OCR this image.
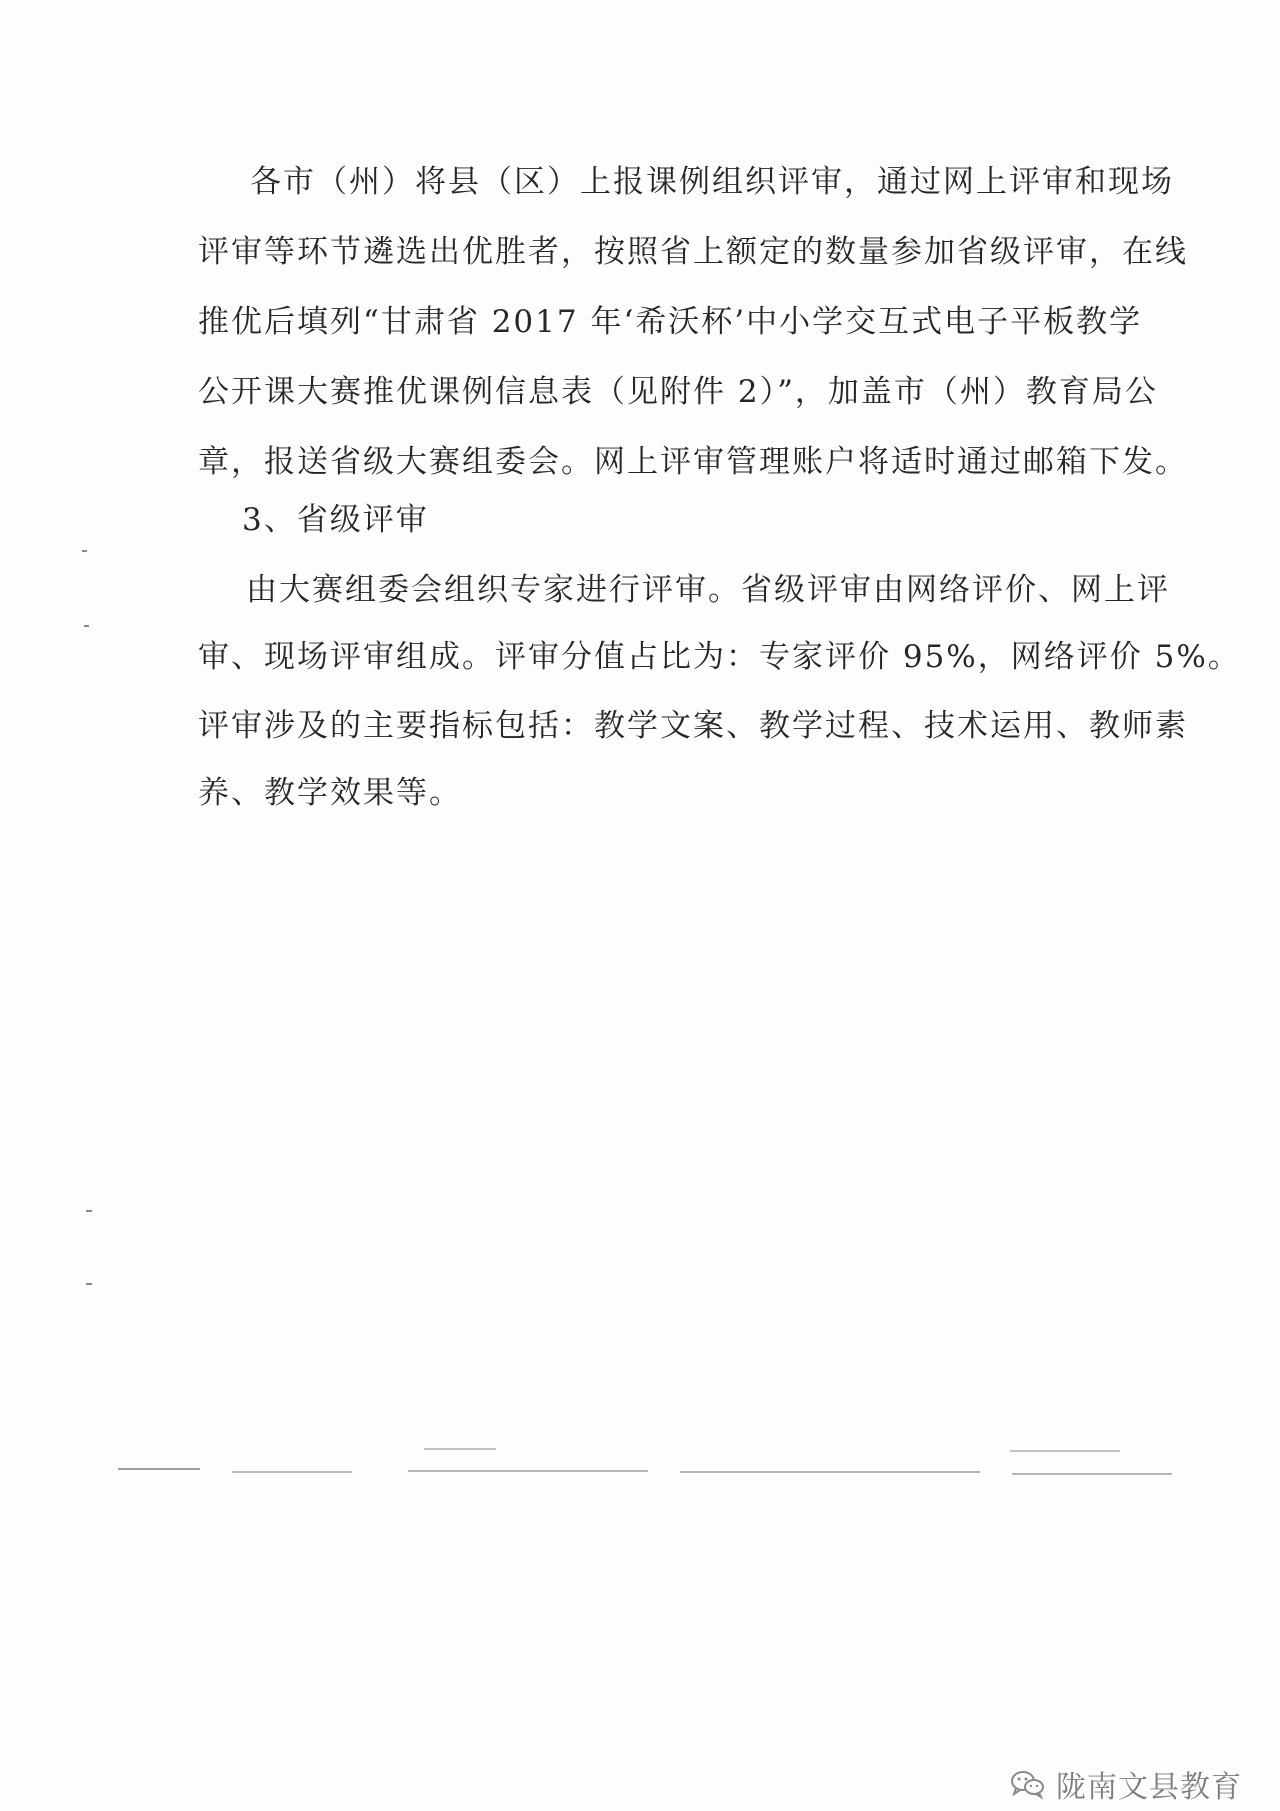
各市（州）将县（区）上报课例组织评审，通过网上评审和现场
评审等环节遴选出优胜者，按照省上额定的数量参加省级评审，在线
推优后填列“甘肃省 2017 年‘希沃杯’中小学交互式电子平板教学
公开课大赛推优课例信息表（见附件 2）”，加盖市（州）教育局公
章，报送省级大赛组委会。网上评审管理账户将适时通过邮箱下发。
3、省级评审
由大赛组委会组织专家进行评审。省级评审由网络评价、网上评
审、现场评审组成。评审分值占比为：专家评价 95%，网络评价 5%。
评审涉及的主要指标包括：教学文案、教学过程、技术运用、教师素
养、教学效果等。
陇南文县教育
